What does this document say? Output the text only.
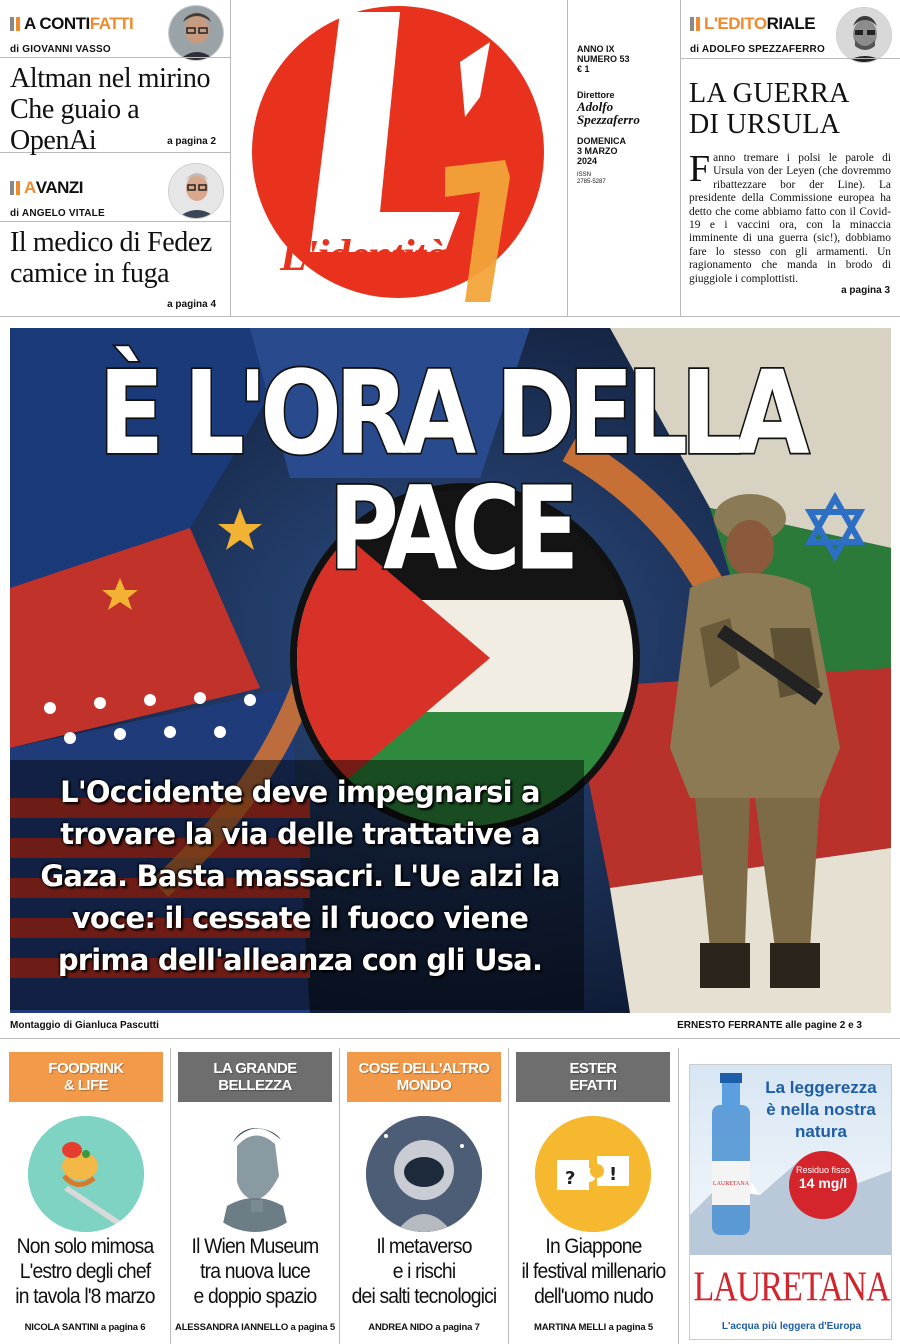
A CONTI FATTI
di GIOVANNI VASSO
Altman nel mirino
Che guaio a OpenAi	a pagina 2
A VANZI
di ANGELO VITALE
Il medico di Fedez
camice in fuga
a pagina 4
L'identità
ANNO IX
NUMERO 53
€ 1
Direttore
Adolfo
Spezzaferro
DOMENICA
3 MARZO
2024
ISSN
2785-5287
L'EDITO RIALE
di ADOLFO SPEZZAFERRO
LA GUERRA
DI URSULA
Fanno tremare i polsi le parole di Ursula von der Leyen (che dovremmo ribattezzare bor der Line). La presidente della Commissione europea ha detto che come abbiamo fatto con il Covid-19 e i vaccini ora, con la minaccia imminente di una guerra (sic!), dobbiamo fare lo stesso con gli armamenti. Un ragionamento che manda in brodo di giuggiole i complottisti.
a pagina 3
È L'ORA DELLA PACE
L'Occidente deve impegnarsi a
trovare la via delle trattative a
Gaza. Basta massacri. L'Ue alzi la
voce: il cessate il fuoco viene
prima dell'alleanza con gli Usa.
Montaggio di Gianluca Pascutti	ERNESTO FERRANTE alle pagine 2 e 3
FOODRINK
& LIFE
Non solo mimosa
L'estro degli chef
in tavola l'8 marzo
NICOLA SANTINI a pagina 6
LA GRANDE
BELLEZZA
Il Wien Museum
tra nuova luce
e doppio spazio
ALESSANDRA IANNELLO a pagina 5
COSE DELL'ALTRO
MONDO
Il metaverso
e i rischi
dei salti tecnologici
ANDREA NIDO a pagina 7
ESTER
EFATTI
? !
In Giappone
il festival millenario
dell'uomo nudo
MARTINA MELLI a pagina 5
LAURETANA
La leggerezza
è nella nostra
natura
Residuo fisso
14 mg/l
LAURETANA
L'acqua più leggera d'Europa
